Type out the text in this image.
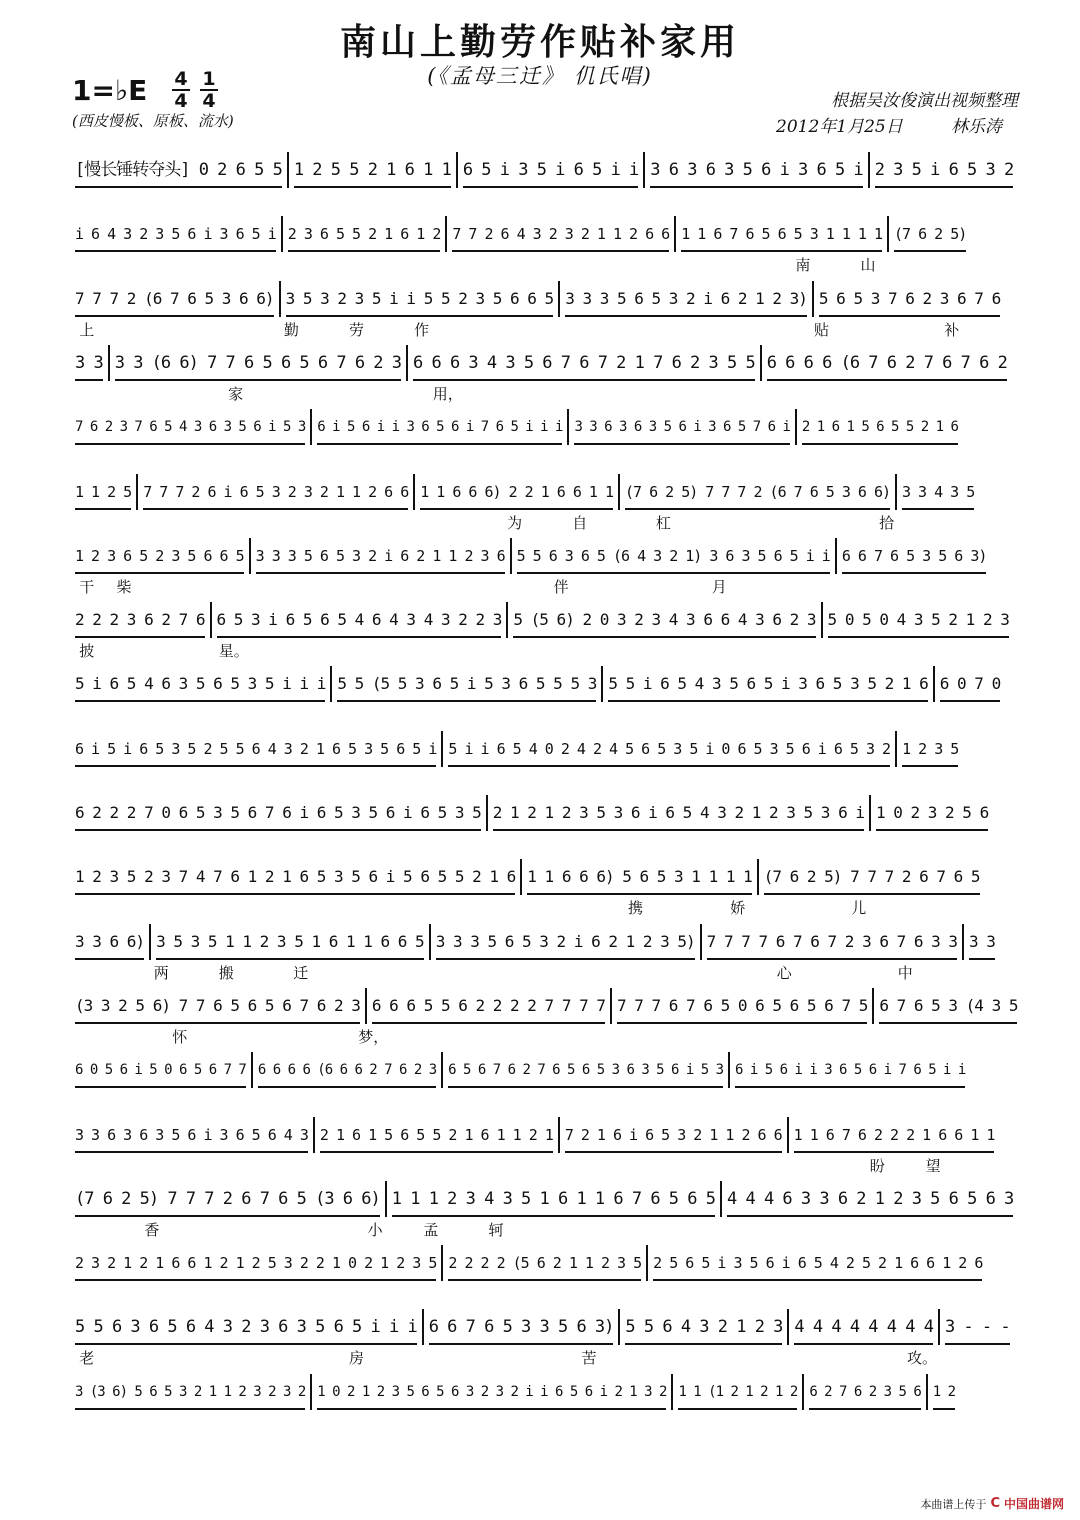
南山上勤劳作贴补家用
(《孟母三迁》 仉氏唱)
1=♭E $\frac{4}{4} \frac{1}{4}$
(西皮慢板、原板、流水)
根据吴汝俊演出视频整理
2012年1月25日	林乐涛
[慢长锤转夺头] 0 2 6 5 5 1 2 5 5 2 1 6 1 1 6 5 i 3 5 i 6 5 i i 3 6 3 6 3 5 6 i 3 6 5 i 2 3 5 i 6 5 3 2
i 6 4 3 2 3 5 6 i 3 6 5 i 2 3 6 5 5 2 1 6 1 2 7 7 2 6 4 3 2 3 2 1 1 2 6 6 1 1 6 7 6 5 6 5 3 1 1 1 1 (7 6 2 5)
南	山
7 7 7 2 (6 7 6 5 3 6 6) 3 5 3 2 3 5 i i 5 5 2 3 5 6 6 5 3 3 3 5 6 5 3 2 i 6 2 1 2 3) 5 6 5 3 7 6 2 3 6 7 6
上	勤	劳	作	贴	补
3 3 3 3 (6 6) 7 7 6 5 6 5 6 7 6 2 3 6 6 6 3 4 3 5 6 7 6 7 2 1 7 6 2 3 5 5 6 6 6 6 (6 7 6 2 7 6 7 6 2
家	用，
7 6 2 3 7 6 5 4 3 6 3 5 6 i 5 3 6 i 5 6 i i 3 6 5 6 i 7 6 5 i i i 3 3 6 3 6 3 5 6 i 3 6 5 7 6 i 2 1 6 1 5 6 5 5 2 1 6
1 1 2 5 7 7 7 2 6 i 6 5 3 2 3 2 1 1 2 6 6 1 1 6 6 6) 2 2 1 6 6 1 1 (7 6 2 5) 7 7 7 2 (6 7 6 5 3 6 6) 3 3 4 3 5
为	自	杠	拾
1 2 3 6 5 2 3 5 6 6 5 3 3 3 5 6 5 3 2 i 6 2 1 1 2 3 6 5 5 6 3 6 5 (6 4 3 2 1) 3 6 3 5 6 5 i i 6 6 7 6 5 3 5 6 3)
干 柴	伴	月
2 2 2 3 6 2 7 6 6 5 3 i 6 5 6 5 4 6 4 3 4 3 2 2 3 5 (5 6) 2 0 3 2 3 4 3 6 6 4 3 6 2 3 5 0 5 0 4 3 5 2 1 2 3
披	星。
5 i 6 5 4 6 3 5 6 5 3 5 i i i 5 5 (5 5 3 6 5 i 5 3 6 5 5 5 3 5 5 i 6 5 4 3 5 6 5 i 3 6 5 3 5 2 1 6 6 0 7 0
6 i 5 i 6 5 3 5 2 5 5 6 4 3 2 1 6 5 3 5 6 5 i 5 i i 6 5 4 0 2 4 2 4 5 6 5 3 5 i 0 6 5 3 5 6 i 6 5 3 2 1 2 3 5
6 2 2 2 7 0 6 5 3 5 6 7 6 i 6 5 3 5 6 i 6 5 3 5 2 1 2 1 2 3 5 3 6 i 6 5 4 3 2 1 2 3 5 3 6 i 1 0 2 3 2 5 6
1 2 3 5 2 3 7 4 7 6 1 2 1 6 5 3 5 6 i 5 6 5 5 2 1 6 1 1 6 6 6) 5 6 5 3 1 1 1 1 (7 6 2 5) 7 7 7 2 6 7 6 5
携	娇	儿
3 3 6 6) 3 5 3 5 1 1 2 3 5 1 6 1 1 6 6 5 3 3 3 5 6 5 3 2 i 6 2 1 2 3 5) 7 7 7 7 6 7 6 7 2 3 6 7 6 3 3 3 3
两	搬	迁	心	中
(3 3 2 5 6) 7 7 6 5 6 5 6 7 6 2 3 6 6 6 5 5 6 2 2 2 2 7 7 7 7 7 7 7 6 7 6 5 0 6 5 6 5 6 7 5 6 7 6 5 3 (4 3 5
怀	梦，
6 0 5 6 i 5 0 6 5 6 7 7 6 6 6 6 (6 6 6 2 7 6 2 3 6 5 6 7 6 2 7 6 5 6 5 3 6 3 5 6 i 5 3 6 i 5 6 i i 3 6 5 6 i 7 6 5 i i
3 3 6 3 6 3 5 6 i 3 6 5 6 4 3 2 1 6 1 5 6 5 5 2 1 6 1 1 2 1 7 2 1 6 i 6 5 3 2 1 1 2 6 6 1 1 6 7 6 2 2 2 1 6 6 1 1
盼	望
(7 6 2 5) 7 7 7 2 6 7 6 5 (3 6 6) 1 1 1 2 3 4 3 5 1 6 1 1 6 7 6 5 6 5 4 4 4 6 3 3 6 2 1 2 3 5 6 5 6 3
香	小	孟	轲
2 3 2 1 2 1 6 6 1 2 1 2 5 3 2 2 1 0 2 1 2 3 5 2 2 2 2 (5 6 2 1 1 2 3 5 2 5 6 5 i 3 5 6 i 6 5 4 2 5 2 1 6 6 1 2 6
5 5 6 3 6 5 6 4 3 2 3 6 3 5 6 5 i i i 6 6 7 6 5 3 3 5 6 3) 5 5 6 4 3 2 1 2 3 4 4 4 4 4 4 4 4 3 - - -
老	房	苦	攻。
3 (3 6) 5 6 5 3 2 1 1 2 3 2 3 2 1 0 2 1 2 3 5 6 5 6 3 2 3 2 i i 6 5 6 i 2 1 3 2 1 1 (1 2 1 2 1 2 6 2 7 6 2 3 5 6 1 2
本曲谱上传于 C 中国曲谱网
